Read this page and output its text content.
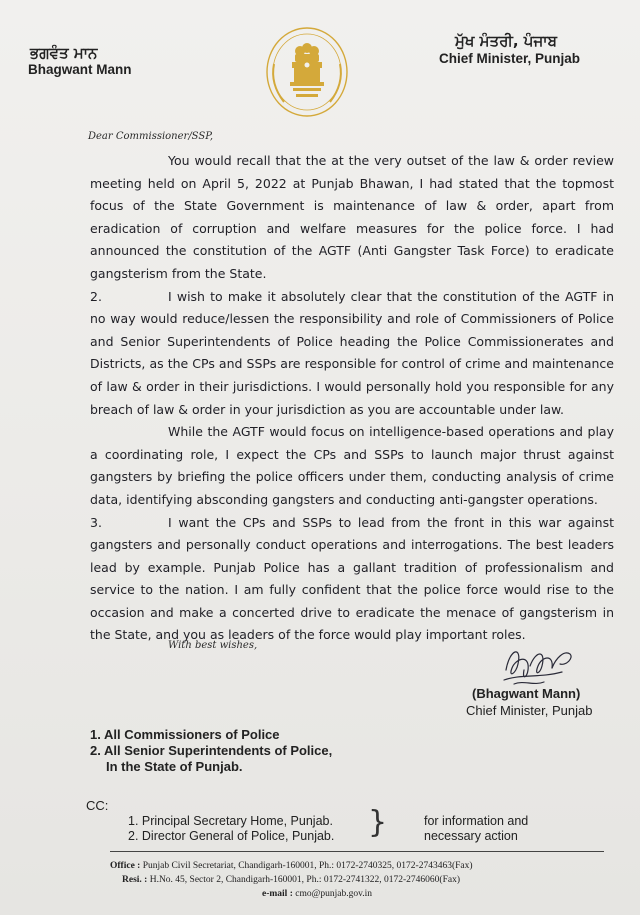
ਭਗਵੰਤ ਮਾਨ
Bhagwant Mann
ਮੁੱਖ ਮੰਤਰੀ, ਪੰਜਾਬ
Chief Minister, Punjab
Dear Commissioner/SSP,

You would recall that the at the very outset of the law & order review meeting held on April 5, 2022 at Punjab Bhawan, I had stated that the topmost focus of the State Government is maintenance of law & order, apart from eradication of corruption and welfare measures for the police force. I had announced the constitution of the AGTF (Anti Gangster Task Force) to eradicate gangsterism from the State.

2.	I wish to make it absolutely clear that the constitution of the AGTF in no way would reduce/lessen the responsibility and role of Commissioners of Police and Senior Superintendents of Police heading the Police Commissionerates and Districts, as the CPs and SSPs are responsible for control of crime and maintenance of law & order in their jurisdictions. I would personally hold you responsible for any breach of law & order in your jurisdiction as you are accountable under law.

While the AGTF would focus on intelligence-based operations and play a coordinating role, I expect the CPs and SSPs to launch major thrust against gangsters by briefing the police officers under them, conducting analysis of crime data, identifying absconding gangsters and conducting anti-gangster operations.

3.	I want the CPs and SSPs to lead from the front in this war against gangsters and personally conduct operations and interrogations. The best leaders lead by example. Punjab Police has a gallant tradition of professionalism and service to the nation. I am fully confident that the police force would rise to the occasion and make a concerted drive to eradicate the menace of gangsterism in the State, and you as leaders of the force would play important roles.

With best wishes,
(Bhagwant Mann)
Chief Minister, Punjab
1. All Commissioners of Police
2. All Senior Superintendents of Police,
In the State of Punjab.
CC:
1. Principal Secretary Home, Punjab.
2. Director General of Police, Punjab. }	for information and
necessary action
Office : Punjab Civil Secretariat, Chandigarh-160001, Ph.: 0172-2740325, 0172-2743463(Fax)
Resi. : H.No. 45, Sector 2, Chandigarh-160001, Ph.: 0172-2741322, 0172-2746060(Fax)
e-mail : cmo@punjab.gov.in
